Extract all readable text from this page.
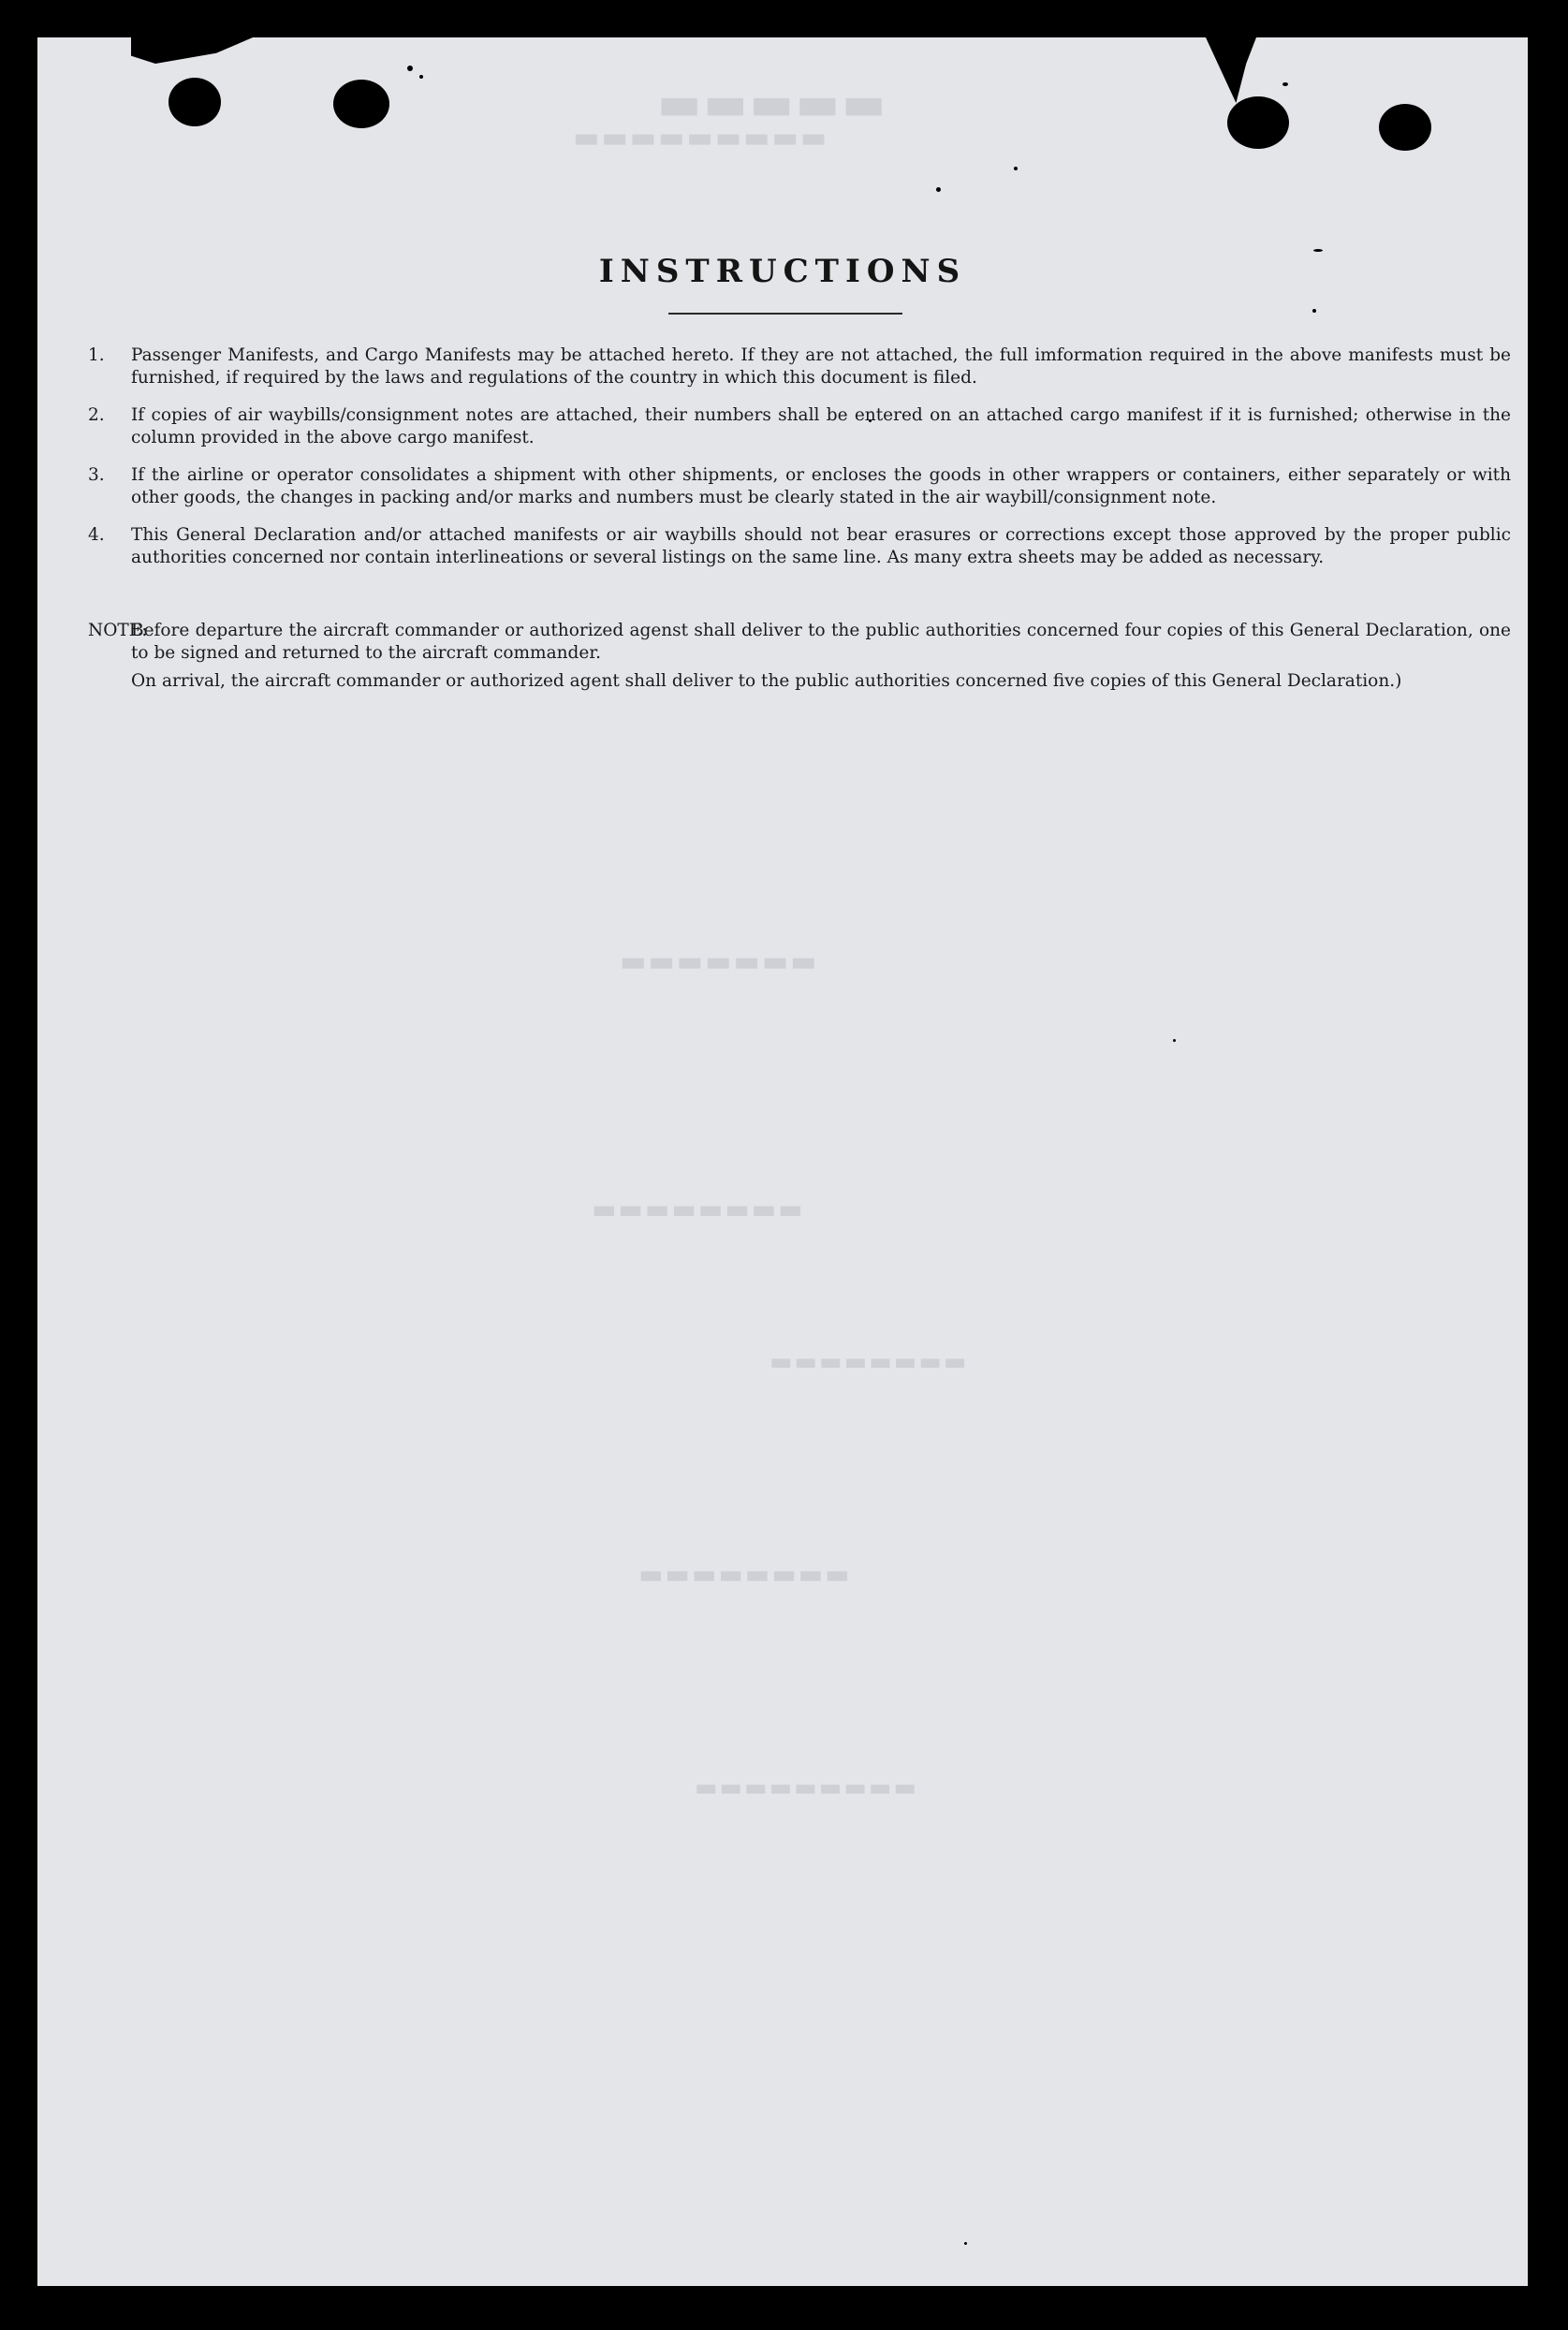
▬▬▬▬▬
▬▬▬▬▬▬▬▬▬
▬▬▬▬▬▬▬
▬▬▬▬▬▬▬▬
▬▬▬▬▬▬▬▬
▬▬▬▬▬▬▬▬
▬▬▬▬▬▬▬▬▬
INSTRUCTIONS
1. Passenger Manifests, and Cargo Manifests may be attached hereto. If they are not attached, the full imformation required in the above manifests must be furnished, if required by the laws and regulations of the country in which this document is filed.
2. If copies of air waybills/consignment notes are attached, their numbers shall be entered on an attached cargo manifest if it is furnished; otherwise in the column provided in the above cargo manifest.
3. If the airline or operator consolidates a shipment with other shipments, or encloses the goods in other wrappers or containers, either separately or with other goods, the changes in packing and/or marks and numbers must be clearly stated in the air waybill/consignment note.
4. This General Declaration and/or attached manifests or air waybills should not bear erasures or corrections except those approved by the proper public authorities concerned nor contain interlineations or several listings on the same line. As many extra sheets may be added as necessary.
NOTE:
Before departure the aircraft commander or authorized agenst shall deliver to the public authorities concerned four copies of this General Declaration, one to be signed and returned to the aircraft commander.
On arrival, the aircraft commander or authorized agent shall deliver to the public authorities concerned five copies of this General Declaration.)
